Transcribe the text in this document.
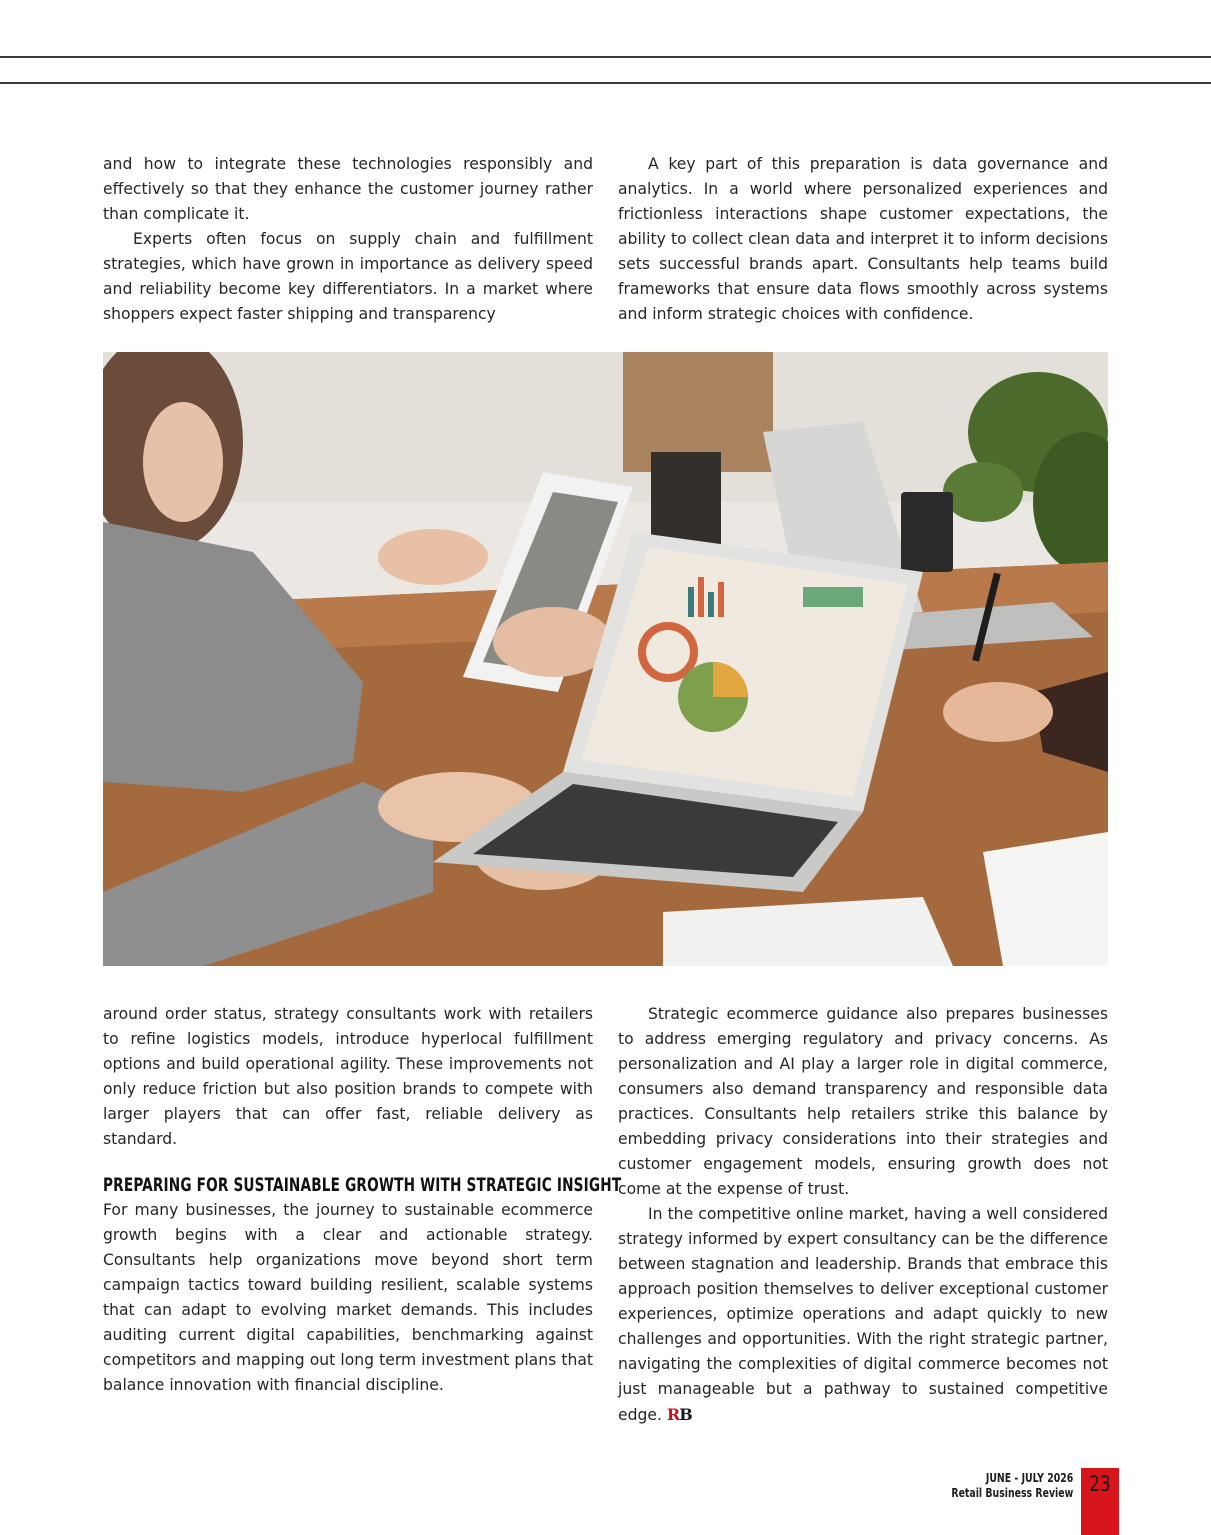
and how to integrate these technologies responsibly and effectively so that they enhance the customer journey rather than complicate it.

Experts often focus on supply chain and fulfillment strategies, which have grown in importance as delivery speed and reliability become key differentiators. In a market where shoppers expect faster shipping and transparency

A key part of this preparation is data governance and analytics. In a world where personalized experiences and frictionless interactions shape customer expectations, the ability to collect clean data and interpret it to inform decisions sets successful brands apart. Consultants help teams build frameworks that ensure data flows smoothly across systems and inform strategic choices with confidence.

around order status, strategy consultants work with retailers to refine logistics models, introduce hyperlocal fulfillment options and build operational agility. These improvements not only reduce friction but also position brands to compete with larger players that can offer fast, reliable delivery as standard.

PREPARING FOR SUSTAINABLE GROWTH WITH STRATEGIC INSIGHT

For many businesses, the journey to sustainable ecommerce growth begins with a clear and actionable strategy. Consultants help organizations move beyond short term campaign tactics toward building resilient, scalable systems that can adapt to evolving market demands. This includes auditing current digital capabilities, benchmarking against competitors and mapping out long term investment plans that balance innovation with financial discipline.

Strategic ecommerce guidance also prepares businesses to address emerging regulatory and privacy concerns. As personalization and AI play a larger role in digital commerce, consumers also demand transparency and responsible data practices. Consultants help retailers strike this balance by embedding privacy considerations into their strategies and customer engagement models, ensuring growth does not come at the expense of trust.

In the competitive online market, having a well considered strategy informed by expert consultancy can be the difference between stagnation and leadership. Brands that embrace this approach position themselves to deliver exceptional customer experiences, optimize operations and adapt quickly to new challenges and opportunities. With the right strategic partner, navigating the complexities of digital commerce becomes not just manageable but a pathway to sustained competitive edge. RB

JUNE - JULY 2026
Retail Business Review 23
